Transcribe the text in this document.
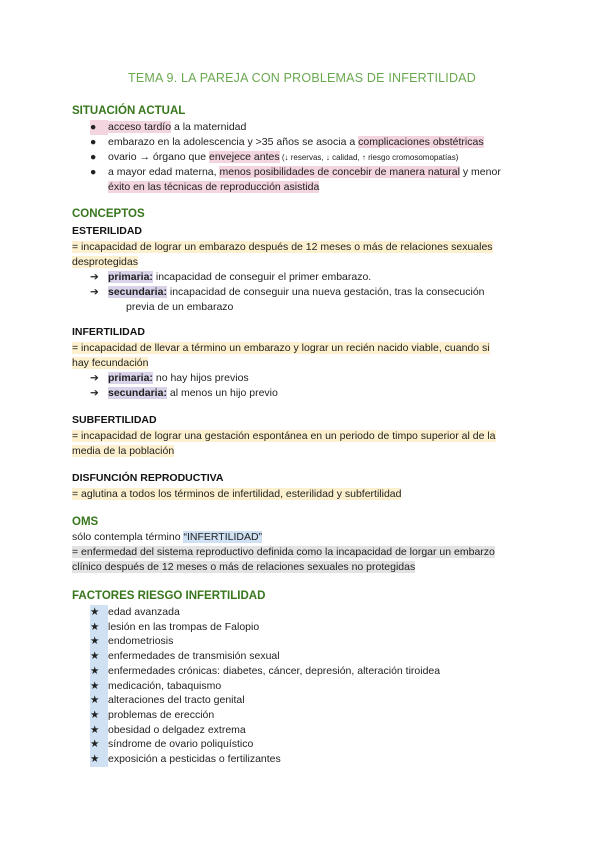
TEMA 9. LA PAREJA CON PROBLEMAS DE INFERTILIDAD
SITUACIÓN ACTUAL
● acceso tardío a la maternidad
● embarazo en la adolescencia y >35 años se asocia a complicaciones obstétricas
● ovario → órgano que envejece antes (↓ reservas, ↓ calidad, ↑ riesgo cromosomopatías)
● a mayor edad materna, menos posibilidades de concebir de manera natural y menor
éxito en las técnicas de reproducción asistida
CONCEPTOS
ESTERILIDAD
= incapacidad de lograr un embarazo después de 12 meses o más de relaciones sexuales
desprotegidas
➔ primaria: incapacidad de conseguir el primer embarazo.
➔ secundaria: incapacidad de conseguir una nueva gestación, tras la consecución
previa de un embarazo
INFERTILIDAD
= incapacidad de llevar a término un embarazo y lograr un recién nacido viable, cuando si
hay fecundación
➔ primaria: no hay hijos previos
➔ secundaria: al menos un hijo previo
SUBFERTILIDAD
= incapacidad de lograr una gestación espontánea en un periodo de timpo superior al de la
media de la población
DISFUNCIÓN REPRODUCTIVA
= aglutina a todos los términos de infertilidad, esterilidad y subfertilidad
OMS
sólo contempla término “INFERTILIDAD”
= enfermedad del sistema reproductivo definida como la incapacidad de lorgar un embarzo
clínico después de 12 meses o más de relaciones sexuales no protegidas
FACTORES RIESGO INFERTILIDAD
★ edad avanzada
★ lesión en las trompas de Falopio
★ endometriosis
★ enfermedades de transmisión sexual
★ enfermedades crónicas: diabetes, cáncer, depresión, alteración tiroidea
★ medicación, tabaquismo
★ alteraciones del tracto genital
★ problemas de erección
★ obesidad o delgadez extrema
★ síndrome de ovario poliquístico
★ exposición a pesticidas o fertilizantes
